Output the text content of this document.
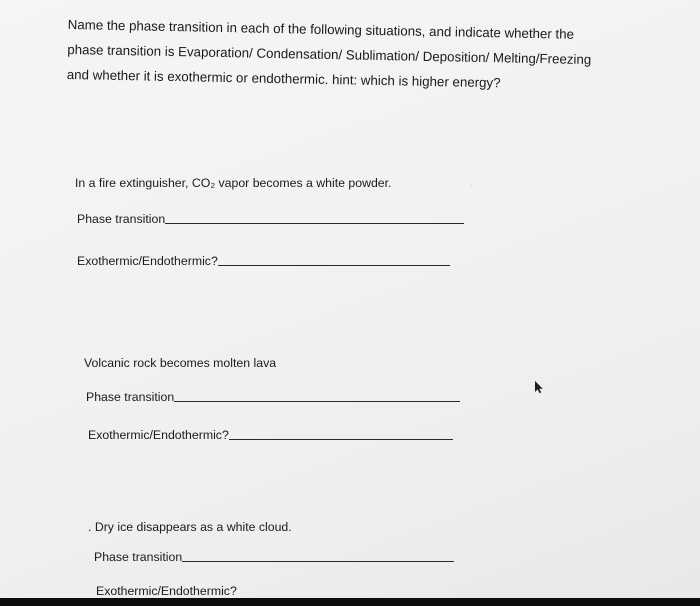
Name the phase transition in each of the following situations, and indicate whether the
phase transition is Evaporation/ Condensation/ Sublimation/ Deposition/ Melting/Freezing
and whether it is exothermic or endothermic. hint: which is higher energy?
In a fire extinguisher, CO₂ vapor becomes a white powder.	·
Phase transition
Exothermic/Endothermic?
Volcanic rock becomes molten lava
Phase transition
Exothermic/Endothermic?
. Dry ice disappears as a white cloud.
Phase transition
Exothermic/Endothermic?
